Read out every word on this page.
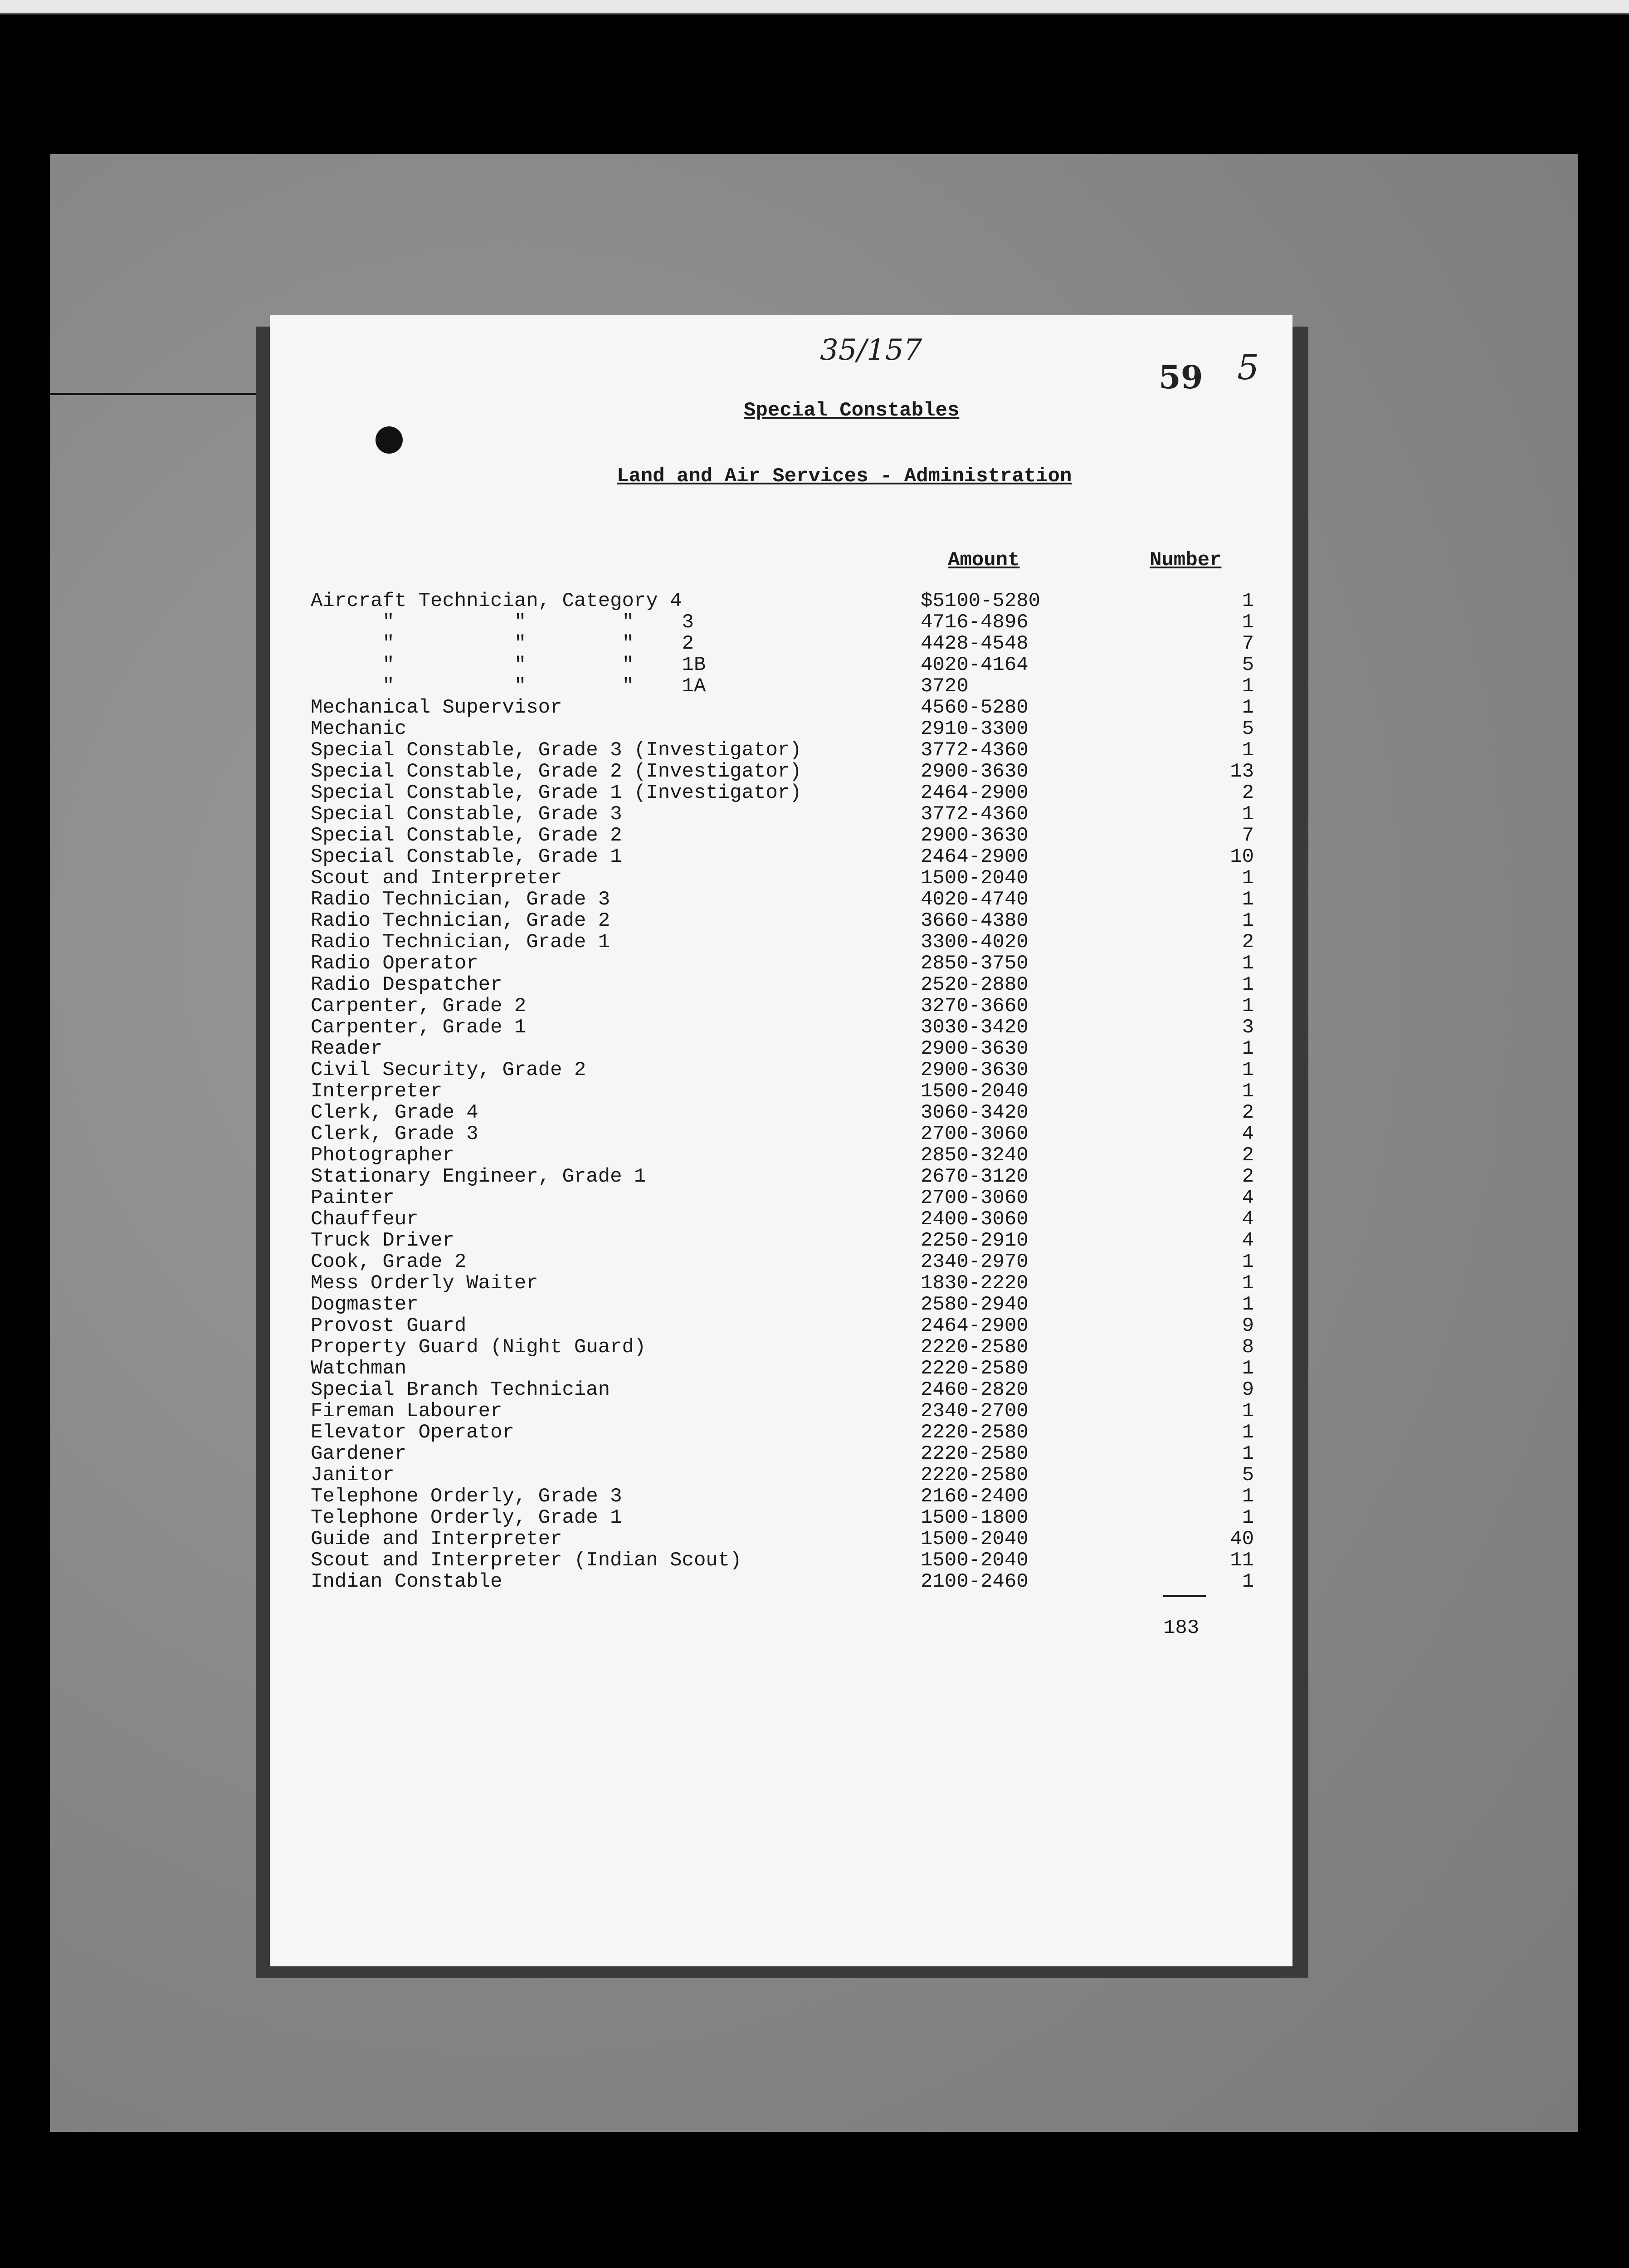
35/157
59 5
Special Constables
Land and Air Services - Administration
Amount	Number
Aircraft Technician, Category 4	$5100-5280	1
"          "        "    3	4716-4896	1
"          "        "    2	4428-4548	7
"          "        "    1B	4020-4164	5
"          "        "    1A	3720	1
Mechanical Supervisor	4560-5280	1
Mechanic	2910-3300	5
Special Constable, Grade 3 (Investigator)	3772-4360	1
Special Constable, Grade 2 (Investigator)	2900-3630	13
Special Constable, Grade 1 (Investigator)	2464-2900	2
Special Constable, Grade 3	3772-4360	1
Special Constable, Grade 2	2900-3630	7
Special Constable, Grade 1	2464-2900	10
Scout and Interpreter	1500-2040	1
Radio Technician, Grade 3	4020-4740	1
Radio Technician, Grade 2	3660-4380	1
Radio Technician, Grade 1	3300-4020	2
Radio Operator	2850-3750	1
Radio Despatcher	2520-2880	1
Carpenter, Grade 2	3270-3660	1
Carpenter, Grade 1	3030-3420	3
Reader	2900-3630	1
Civil Security, Grade 2	2900-3630	1
Interpreter	1500-2040	1
Clerk, Grade 4	3060-3420	2
Clerk, Grade 3	2700-3060	4
Photographer	2850-3240	2
Stationary Engineer, Grade 1	2670-3120	2
Painter	2700-3060	4
Chauffeur	2400-3060	4
Truck Driver	2250-2910	4
Cook, Grade 2	2340-2970	1
Mess Orderly Waiter	1830-2220	1
Dogmaster	2580-2940	1
Provost Guard	2464-2900	9
Property Guard (Night Guard)	2220-2580	8
Watchman	2220-2580	1
Special Branch Technician	2460-2820	9
Fireman Labourer	2340-2700	1
Elevator Operator	2220-2580	1
Gardener	2220-2580	1
Janitor	2220-2580	5
Telephone Orderly, Grade 3	2160-2400	1
Telephone Orderly, Grade 1	1500-1800	1
Guide and Interpreter	1500-2040	40
Scout and Interpreter (Indian Scout)	1500-2040	11
Indian Constable	2100-2460	1
183
